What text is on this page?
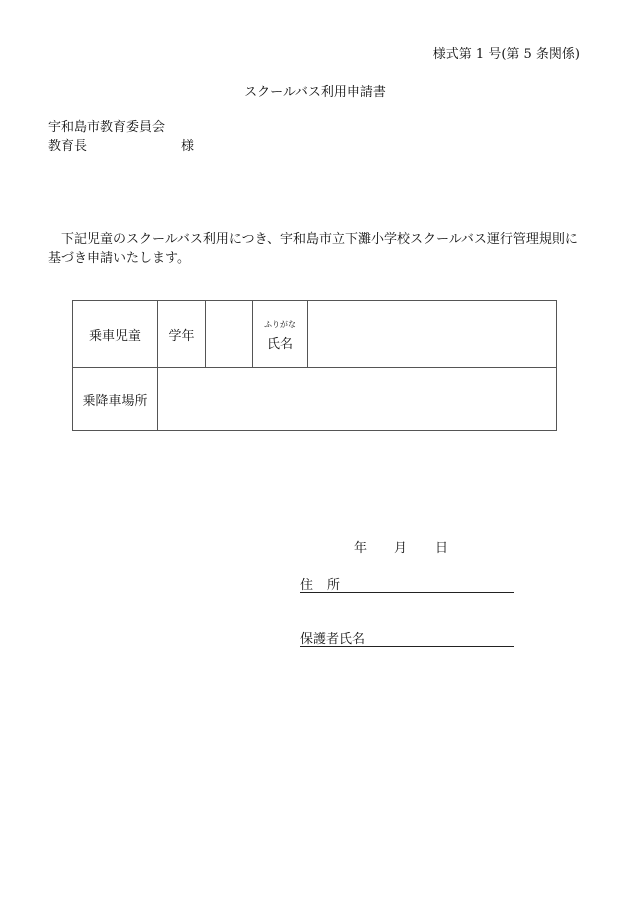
様式第 1 号(第 5 条関係)
スクールバス利用申請書
宇和島市教育委員会
教育長	様
下記児童のスクールバス利用につき、宇和島市立下灘小学校スクールバス運行管理規則に基づき申請いたします。
乗車児童	学年		ふりがな
氏名	

乗降車場所				
年 月 日
住所
保護者氏名
